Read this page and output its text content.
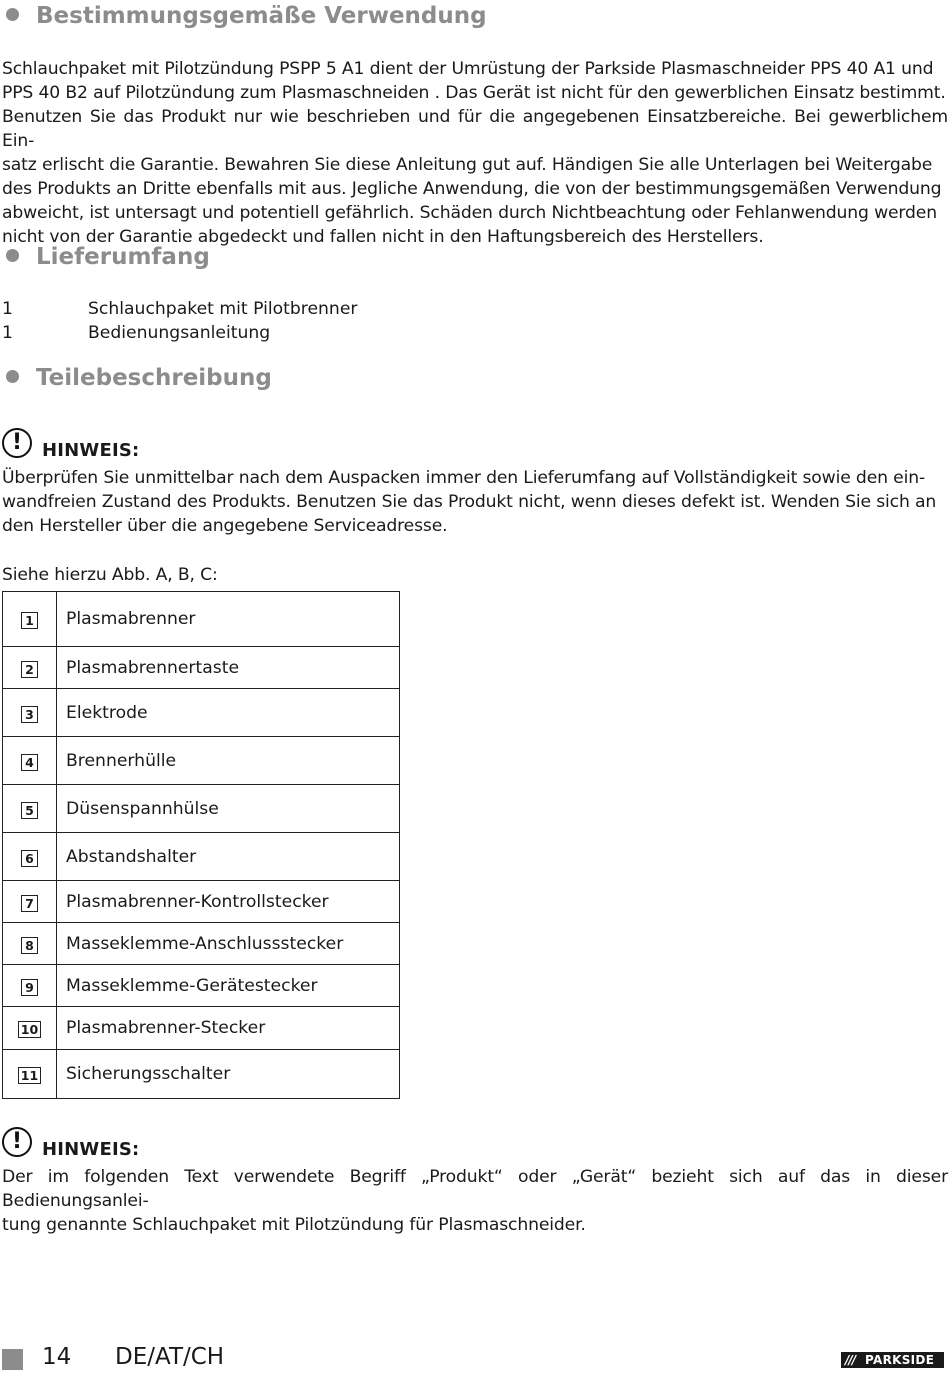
Bestimmungsgemäße Verwendung

Schlauchpaket mit Pilotzündung PSPP 5 A1 dient der Umrüstung der Parkside Plasmaschneider PPS 40 A1 und
PPS 40 B2 auf Pilotzündung zum Plasmaschneiden . Das Gerät ist nicht für den gewerblichen Einsatz bestimmt.
Benutzen Sie das Produkt nur wie beschrieben und für die angegebenen Einsatzbereiche. Bei gewerblichem Ein-
satz erlischt die Garantie. Bewahren Sie diese Anleitung gut auf. Händigen Sie alle Unterlagen bei Weitergabe
des Produkts an Dritte ebenfalls mit aus. Jegliche Anwendung, die von der bestimmungsgemäßen Verwendung
abweicht, ist untersagt und potentiell gefährlich. Schäden durch Nichtbeachtung oder Fehlanwendung werden
nicht von der Garantie abgedeckt und fallen nicht in den Haftungsbereich des Herstellers.

Lieferumfang
1	Schlauchpaket mit Pilotbrenner
1	Bedienungsanleitung
Teilebeschreibung
!	HINWEIS:

Überprüfen Sie unmittelbar nach dem Auspacken immer den Lieferumfang auf Vollständigkeit sowie den ein-
wandfreien Zustand des Produkts. Benutzen Sie das Produkt nicht, wenn dieses defekt ist. Wenden Sie sich an
den Hersteller über die angegebene Serviceadresse.

Siehe hierzu Abb. A, B, C:

1	Plasmabrenner
2	Plasmabrennertaste
3	Elektrode
4	Brennerhülle
5	Düsenspannhülse
6	Abstandshalter
7	Plasmabrenner-Kontrollstecker
8	Masseklemme-Anschlussstecker
9	Masseklemme-Gerätestecker
10	Plasmabrenner-Stecker
11	Sicherungsschalter
!	HINWEIS:

Der im folgenden Text verwendete Begriff „Produkt“ oder „Gerät“ bezieht sich auf das in dieser Bedienungsanlei-
tung genannte Schlauchpaket mit Pilotzündung für Plasmaschneider.

14 DE/AT/CH	/// PARKSIDE
